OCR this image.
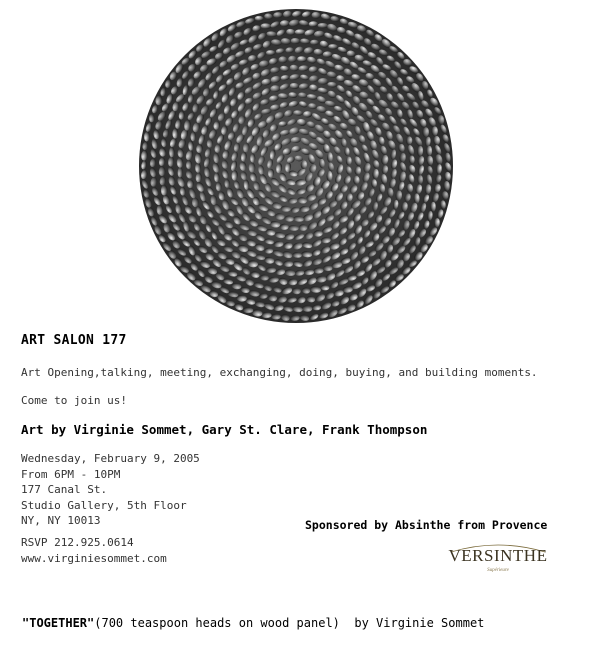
ART SALON 177
Art Opening,talking, meeting, exchanging, doing, buying, and building moments.
Come to join us!
Art by Virginie Sommet, Gary St. Clare, Frank Thompson
Wednesday, February 9, 2005
From 6PM - 10PM
177 Canal St.
Studio Gallery, 5th Floor
NY, NY 10013
RSVP 212.925.0614
www.virginiesommet.com
Sponsored by Absinthe from Provence
VERSINTHE
Supérieure
"TOGETHER"(700 teaspoon heads on wood panel) by Virginie Sommet
